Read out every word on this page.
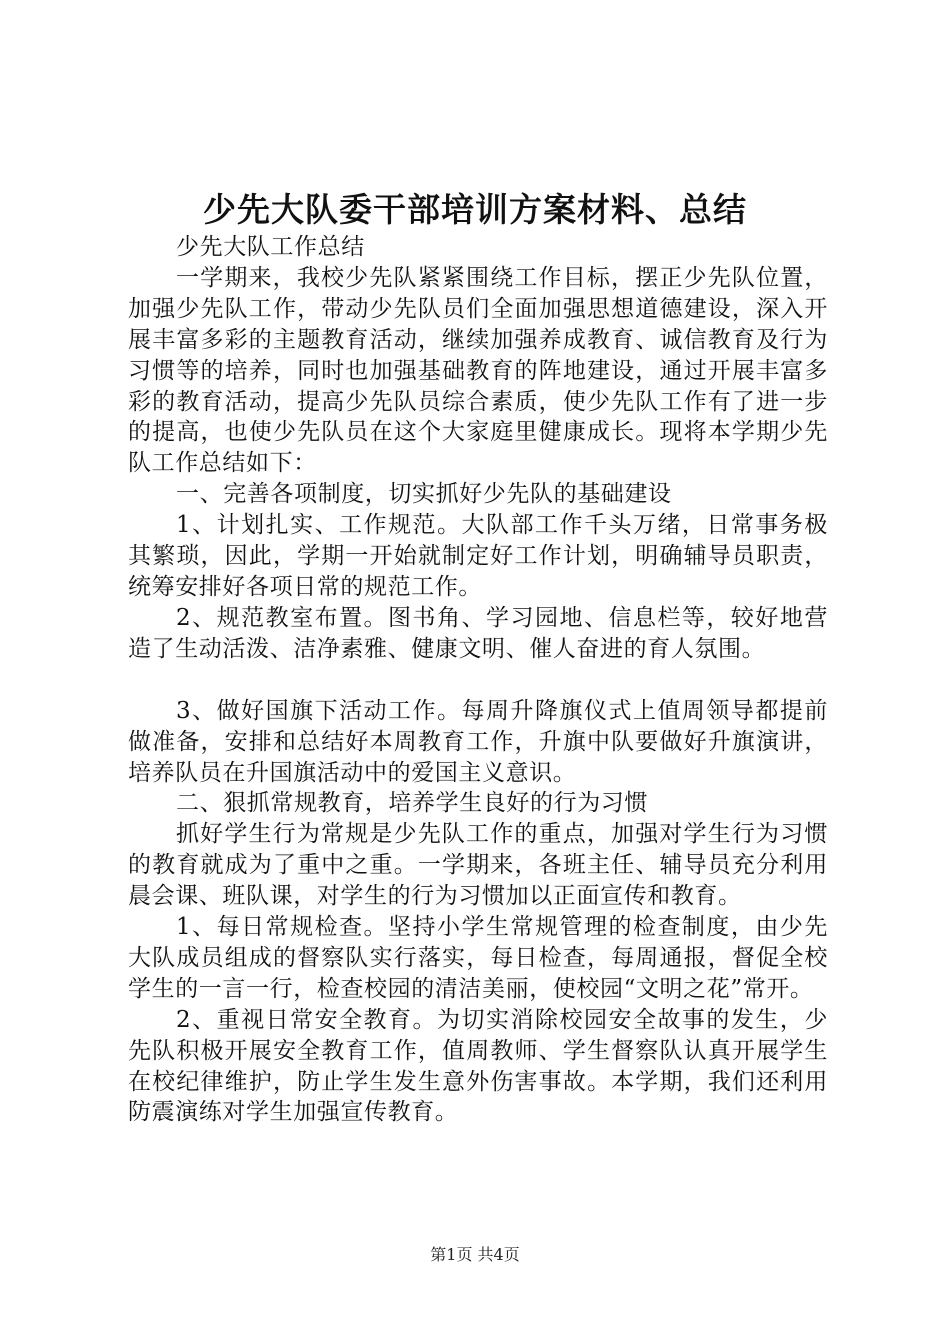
少先大队委干部培训方案材料、总结

少先大队工作总结

一学期来，我校少先队紧紧围绕工作目标，摆正少先队位置，加强少先队工作，带动少先队员们全面加强思想道德建设，深入开展丰富多彩的主题教育活动，继续加强养成教育、诚信教育及行为习惯等的培养，同时也加强基础教育的阵地建设，通过开展丰富多彩的教育活动，提高少先队员综合素质，使少先队工作有了进一步的提高，也使少先队员在这个大家庭里健康成长。现将本学期少先队工作总结如下：

一、完善各项制度，切实抓好少先队的基础建设

1、计划扎实、工作规范。大队部工作千头万绪，日常事务极其繁琐，因此，学期一开始就制定好工作计划，明确辅导员职责，统筹安排好各项日常的规范工作。

2、规范教室布置。图书角、学习园地、信息栏等，较好地营造了生动活泼、洁净素雅、健康文明、催人奋进的育人氛围。

3、做好国旗下活动工作。每周升降旗仪式上值周领导都提前做准备，安排和总结好本周教育工作，升旗中队要做好升旗演讲，培养队员在升国旗活动中的爱国主义意识。

二、狠抓常规教育，培养学生良好的行为习惯

抓好学生行为常规是少先队工作的重点，加强对学生行为习惯的教育就成为了重中之重。一学期来，各班主任、辅导员充分利用晨会课、班队课，对学生的行为习惯加以正面宣传和教育。

1、每日常规检查。坚持小学生常规管理的检查制度，由少先大队成员组成的督察队实行落实，每日检查，每周通报，督促全校学生的一言一行，检查校园的清洁美丽，使校园“文明之花”常开。

2、重视日常安全教育。为切实消除校园安全故事的发生，少先队积极开展安全教育工作，值周教师、学生督察队认真开展学生在校纪律维护，防止学生发生意外伤害事故。本学期，我们还利用防震演练对学生加强宣传教育。

第1页 共4页
